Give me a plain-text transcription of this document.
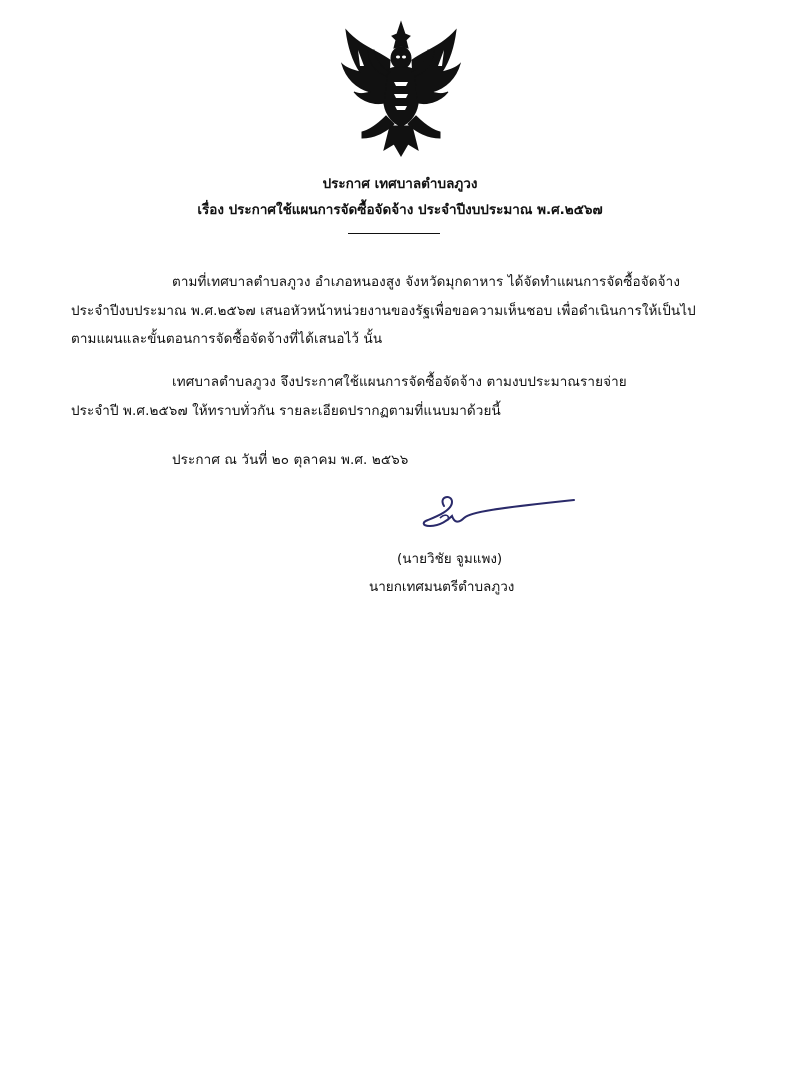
ประกาศ เทศบาลตำบลภูวง
เรื่อง ประกาศใช้แผนการจัดซื้อจัดจ้าง ประจำปีงบประมาณ พ.ศ.๒๕๖๗
ตามที่เทศบาลตำบลภูวง อำเภอหนองสูง จังหวัดมุกดาหาร ได้จัดทำแผนการจัดซื้อจัดจ้าง
ประจำปีงบประมาณ พ.ศ.๒๕๖๗ เสนอหัวหน้าหน่วยงานของรัฐเพื่อขอความเห็นชอบ เพื่อดำเนินการให้เป็นไป
ตามแผนและขั้นตอนการจัดซื้อจัดจ้างที่ได้เสนอไว้ นั้น
เทศบาลตำบลภูวง จึงประกาศใช้แผนการจัดซื้อจัดจ้าง ตามงบประมาณรายจ่าย
ประจำปี พ.ศ.๒๕๖๗ ให้ทราบทั่วกัน รายละเอียดปรากฏตามที่แนบมาด้วยนี้
ประกาศ ณ วันที่ ๒๐ ตุลาคม พ.ศ. ๒๕๖๖
(นายวิชัย จูมแพง)
นายกเทศมนตรีตำบลภูวง
